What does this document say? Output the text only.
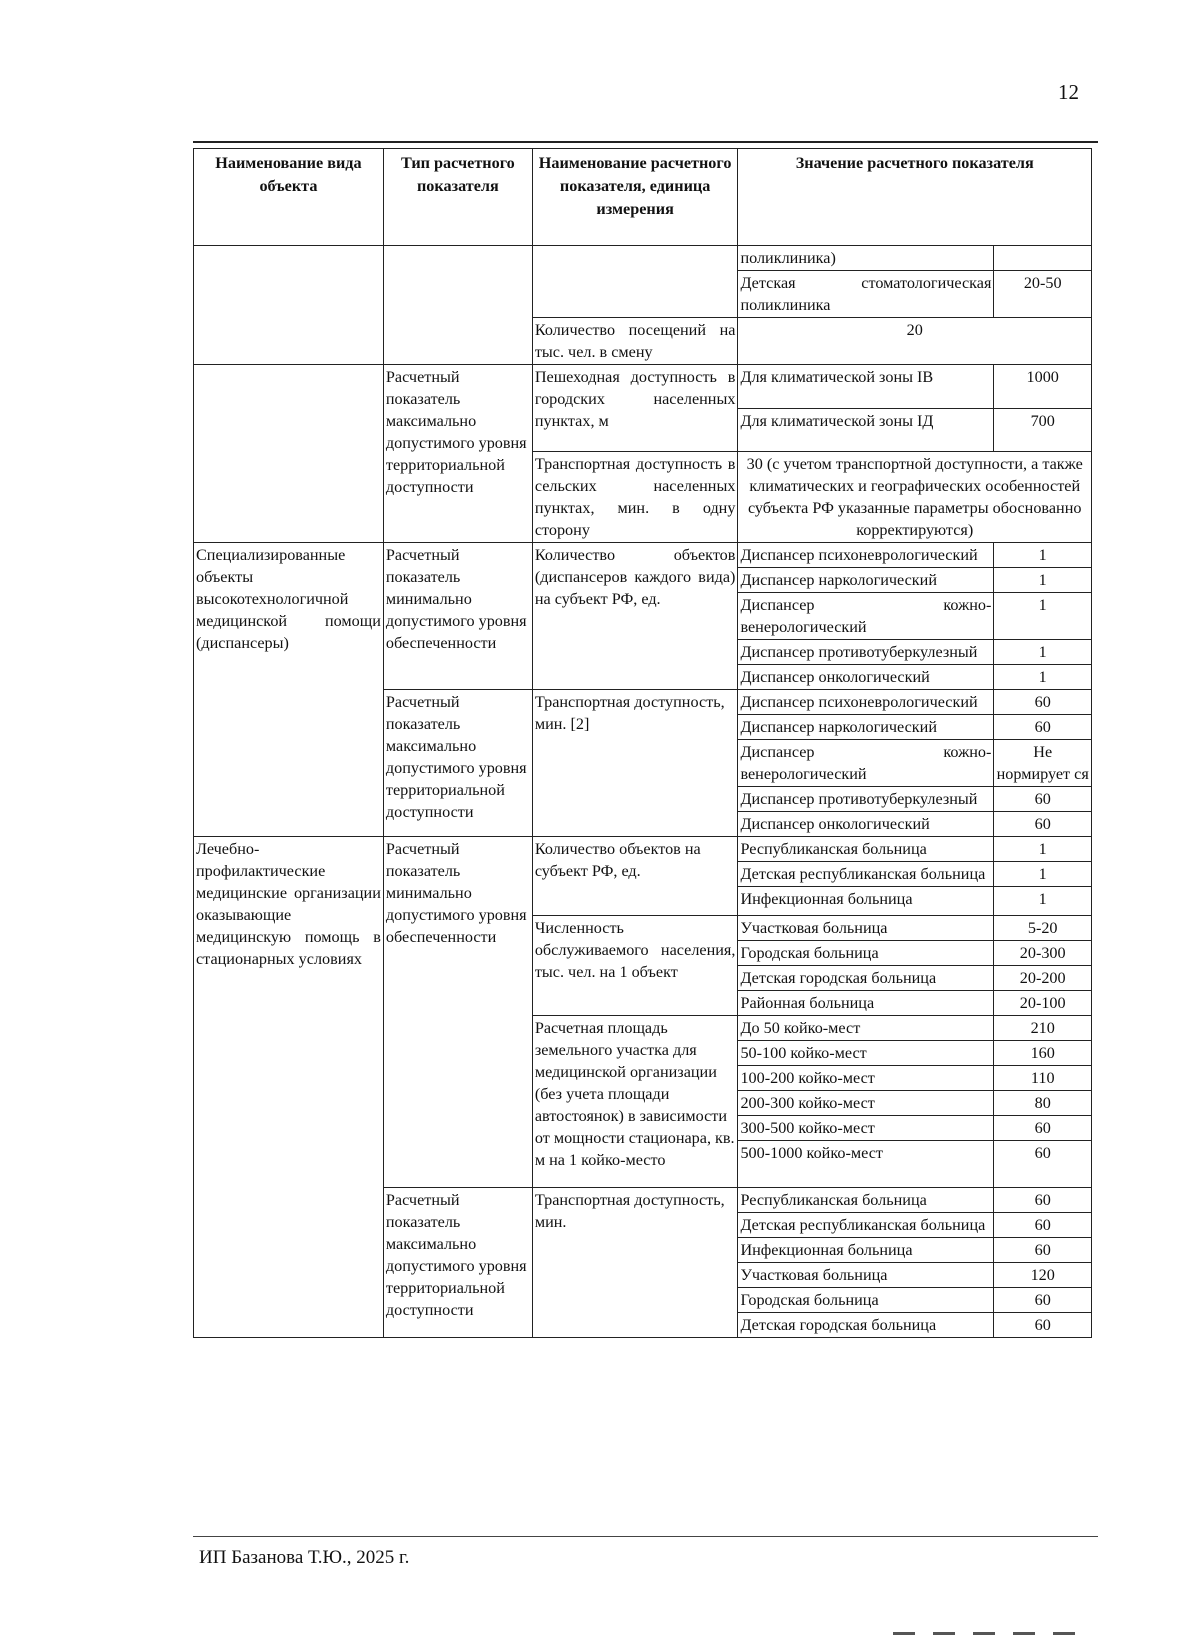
12
Наименование вида объекта	Тип расчетного показателя	Наименование расчетного показателя, единица измерения	Значение расчетного показателя	
			поликлиника)	
			Детская стоматологическая поликлиника	20-50
		Количество посещений на тыс. чел. в смену	20	
	Расчетный показатель максимально допустимого уровня территориальной доступности	Пешеходная доступность в городских населенных пунктах, м	Для климатической зоны IВ	1000
			Для климатической зоны IД	700
		Транспортная доступность в сельских населенных пунктах, мин. в одну сторону	30 (с учетом транспортной доступности, а также климатических и географических особенностей субъекта РФ указанные параметры обоснованно корректируются)	
Специализированные объекты высокотехнологичной медицинской помощи (диспансеры)	Расчетный показатель минимально допустимого уровня обеспеченности	Количество объектов (диспансеров каждого вида) на субъект РФ, ед.	Диспансер психоневрологический	1
			Диспансер наркологический	1
			Диспансер кожно-венерологический	1
			Диспансер противотуберкулезный	1
			Диспансер онкологический	1
	Расчетный показатель максимально допустимого уровня территориальной доступности	Транспортная доступность, мин. [2]	Диспансер психоневрологический	60
			Диспансер наркологический	60
			Диспансер кожно-венерологический	Не нормирует ся
			Диспансер противотуберкулезный	60
			Диспансер онкологический	60
Лечебно-профилактические медицинские организации оказывающие медицинскую помощь в стационарных условиях	Расчетный показатель минимально допустимого уровня обеспеченности	Количество объектов на субъект РФ, ед.	Республиканская больница	1
			Детская республиканская больница	1
			Инфекционная больница	1
		Численность обслуживаемого населения, тыс. чел. на 1 объект	Участковая больница	5-20
			Городская больница	20-300
			Детская городская больница	20-200
			Районная больница	20-100
		Расчетная площадь земельного участка для медицинской организации (без учета площади автостоянок) в зависимости от мощности стационара, кв. м на 1 койко-место	До 50 койко-мест	210
			50-100 койко-мест	160
			100-200 койко-мест	110
			200-300 койко-мест	80
			300-500 койко-мест	60
			500-1000 койко-мест	60
	Расчетный показатель максимально допустимого уровня территориальной доступности	Транспортная доступность, мин.	Республиканская больница	60
			Детская республиканская больница	60
			Инфекционная больница	60
			Участковая больница	120
			Городская больница	60
			Детская городская больница	60
ИП Базанова Т.Ю., 2025 г.
